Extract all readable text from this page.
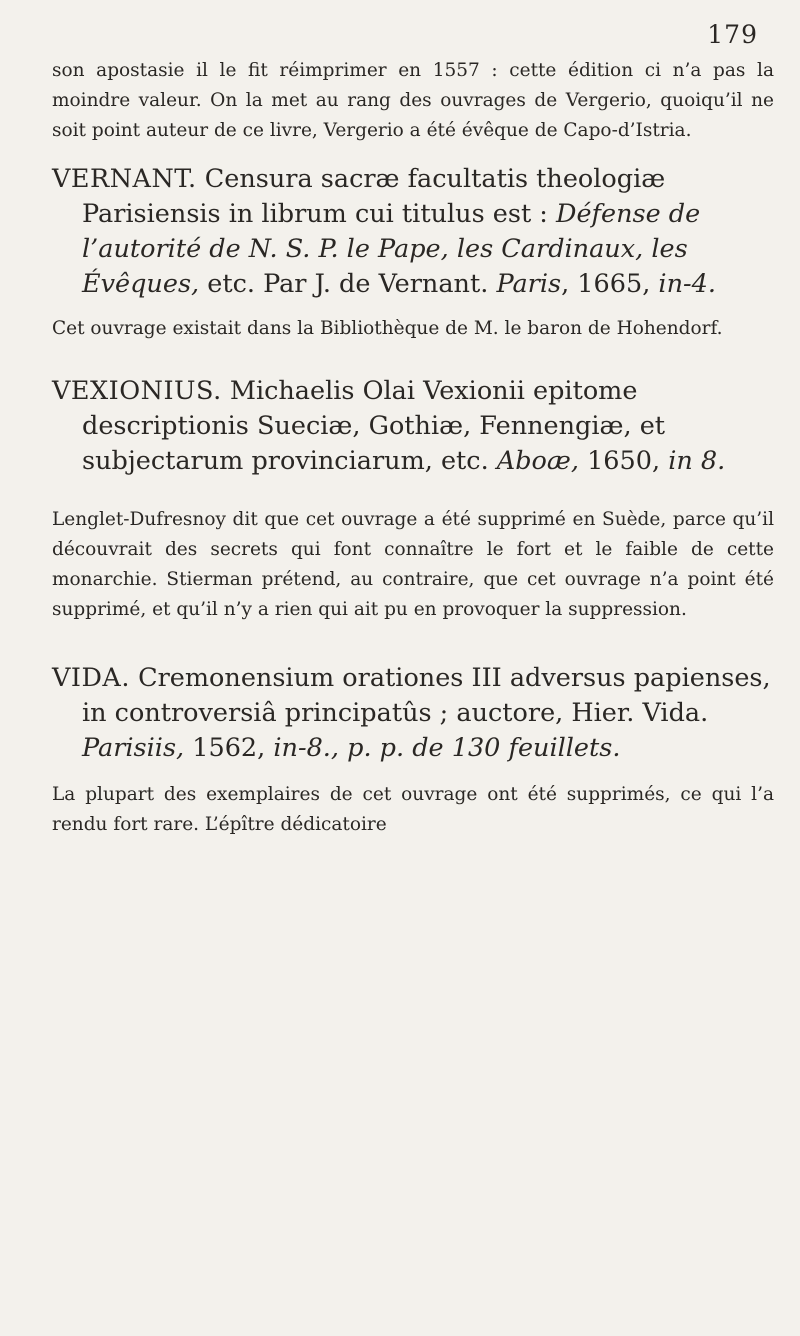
179

son apostasie il le fit réimprimer en 1557 : cette édition ci n’a pas la moindre valeur. On la met au rang des ouvrages de Vergerio, quoiqu’il ne soit point auteur de ce livre, Vergerio a été évêque de Capo-d’Istria.

VERNANT. Censura sacræ facultatis theologiæ Parisiensis in librum cui titulus est : Défense de l’autorité de N. S. P. le Pape, les Cardinaux, les Évêques, etc. Par J. de Vernant. Paris, 1665, in-4.

Cet ouvrage existait dans la Bibliothèque de M. le baron de Hohendorf.

VEXIONIUS. Michaelis Olai Vexionii epitome descriptionis Sueciæ, Gothiæ, Fennengiæ, et subjectarum provinciarum, etc. Aboæ, 1650, in 8.

Lenglet-Dufresnoy dit que cet ouvrage a été supprimé en Suède, parce qu’il découvrait des secrets qui font connaître le fort et le faible de cette monarchie. Stierman prétend, au contraire, que cet ouvrage n’a point été supprimé, et qu’il n’y a rien qui ait pu en provoquer la suppression.

VIDA. Cremonensium orationes III adversus papienses, in controversiâ principatûs ; auctore, Hier. Vida. Parisiis, 1562, in-8., p. p. de 130 feuillets.

La plupart des exemplaires de cet ouvrage ont été supprimés, ce qui l’a rendu fort rare. L’épître dédicatoire
